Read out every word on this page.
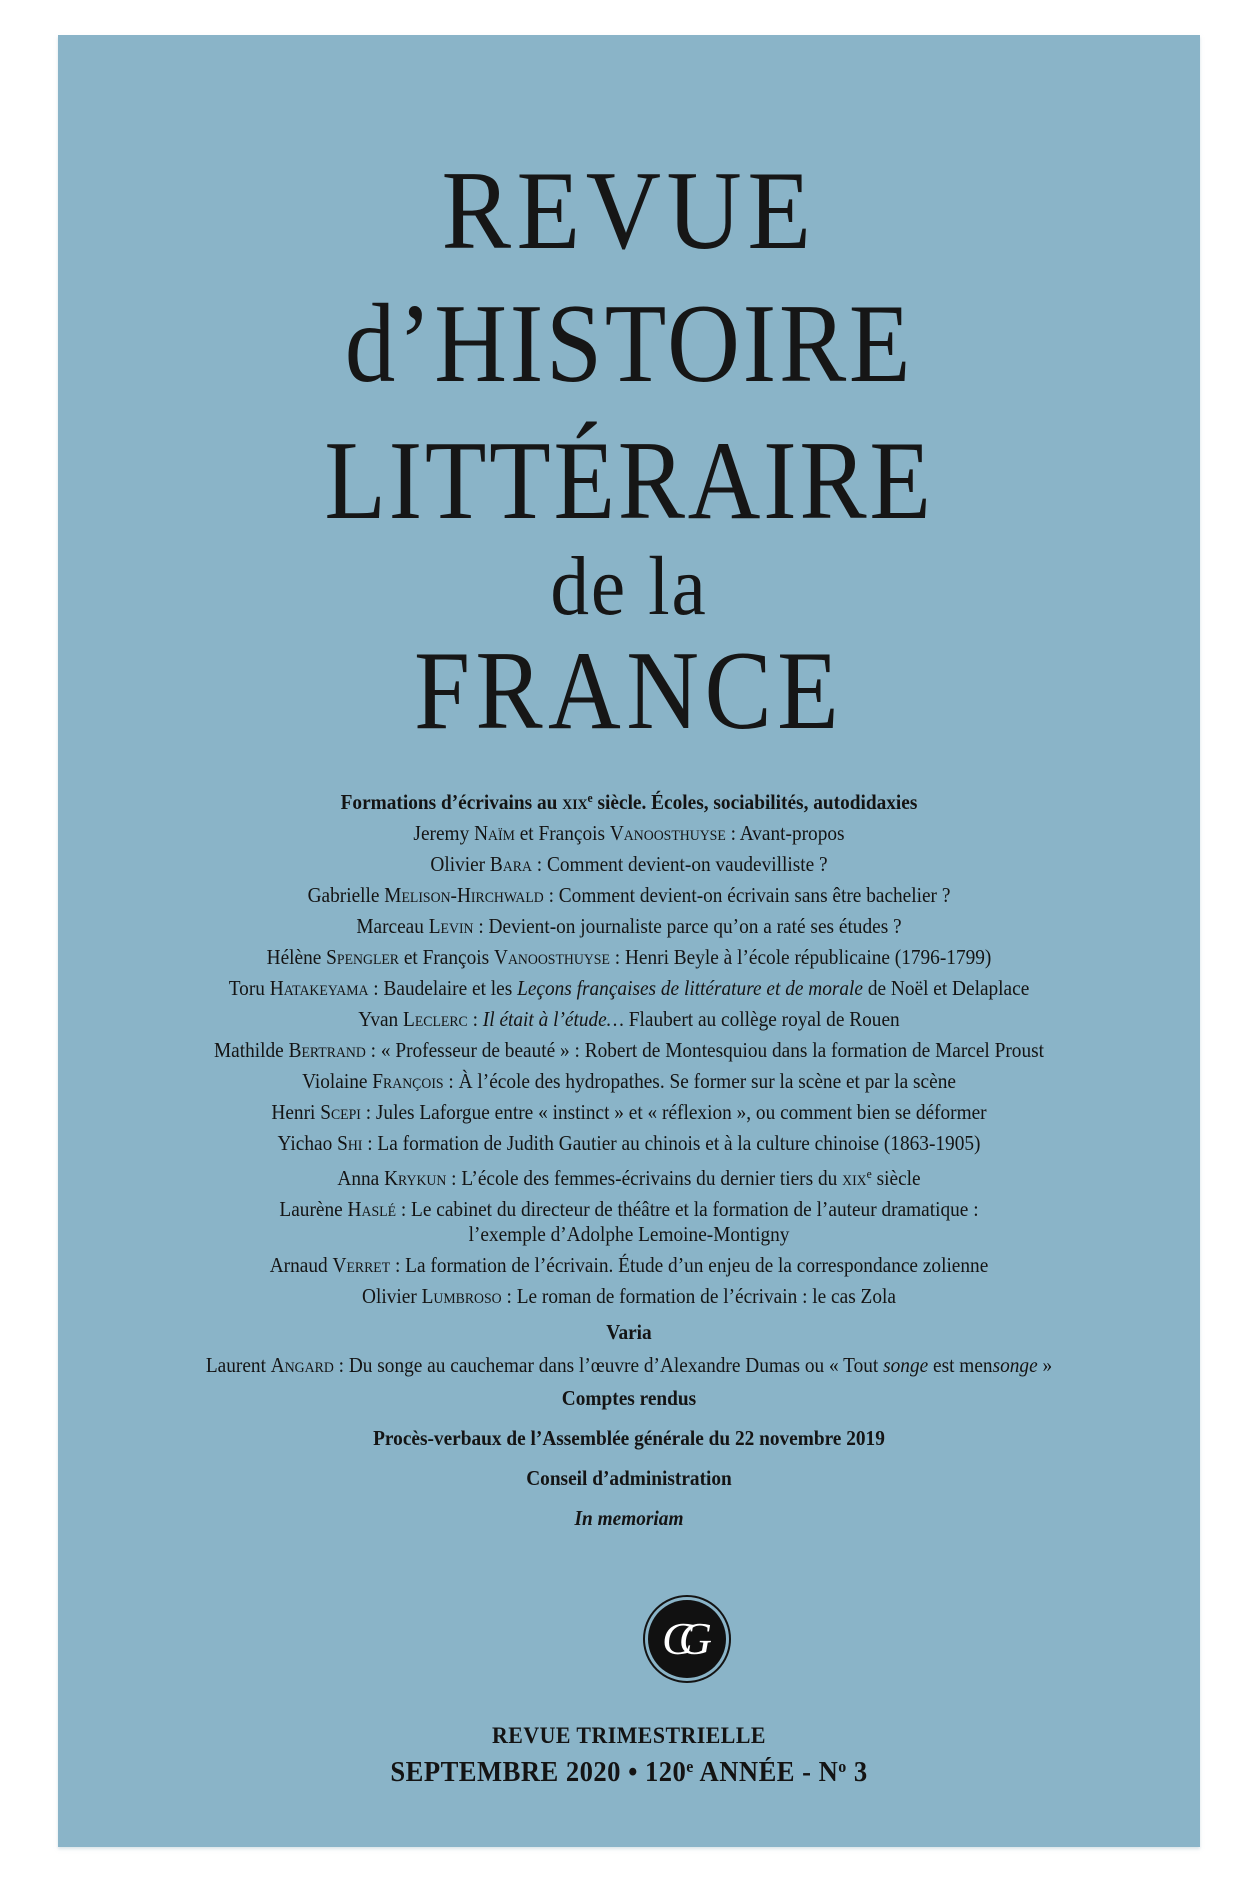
REVUE
d’HISTOIRE
LITTÉRAIRE
de la
FRANCE
Formations d’écrivains au xix$^e$ siècle. Écoles, sociabilités, autodidaxies
Jeremy Naïm et François Vanoosthuyse : Avant-propos
Olivier Bara : Comment devient-on vaudevilliste ?
Gabrielle Melison-Hirchwald : Comment devient-on écrivain sans être bachelier ?
Marceau Levin : Devient-on journaliste parce qu’on a raté ses études ?
Hélène Spengler et François Vanoosthuyse : Henri Beyle à l’école républicaine (1796-1799)
Toru Hatakeyama : Baudelaire et les Leçons françaises de littérature et de morale de Noël et Delaplace
Yvan Leclerc : Il était à l’étude… Flaubert au collège royal de Rouen
Mathilde Bertrand : « Professeur de beauté » : Robert de Montesquiou dans la formation de Marcel Proust
Violaine François : À l’école des hydropathes. Se former sur la scène et par la scène
Henri Scepi : Jules Laforgue entre « instinct » et « réflexion », ou comment bien se déformer
Yichao Shi : La formation de Judith Gautier au chinois et à la culture chinoise (1863-1905)
Anna Krykun : L’école des femmes-écrivains du dernier tiers du xix$^e$ siècle
Laurène Haslé : Le cabinet du directeur de théâtre et la formation de l’auteur dramatique :
l’exemple d’Adolphe Lemoine-Montigny
Arnaud Verret : La formation de l’écrivain. Étude d’un enjeu de la correspondance zolienne
Olivier Lumbroso : Le roman de formation de l’écrivain : le cas Zola
Varia
Laurent Angard : Du songe au cauchemar dans l’œuvre d’Alexandre Dumas ou « Tout songe est mensonge »
Comptes rendus
Procès-verbaux de l’Assemblée générale du 22 novembre 2019
Conseil d’administration
In memoriam
CG
REVUE TRIMESTRIELLE
SEPTEMBRE 2020 • 120e ANNÉE - $N^o$ 3
